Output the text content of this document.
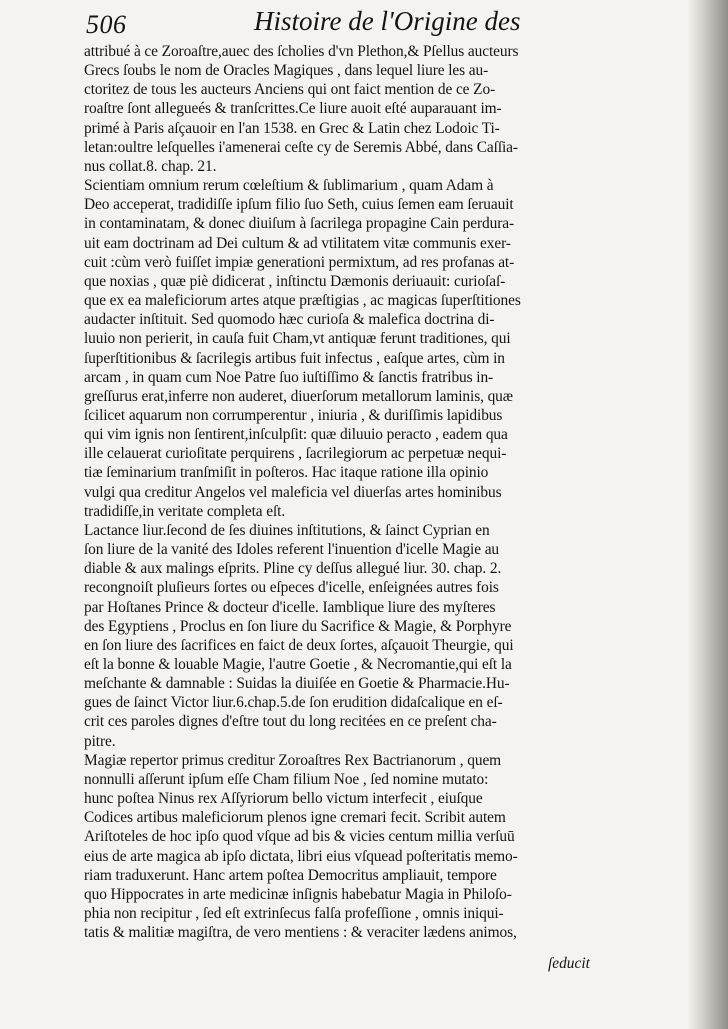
506	Histoire de l'Origine des
attribué à ce Zoroaſtre,auec des ſcholies d'vn Plethon,& Pſellus aucteurs
Grecs ſoubs le nom de Oracles Magiques , dans lequel liure les au-
ctoritez de tous les aucteurs Anciens qui ont faict mention de ce Zo-
roaſtre ſont allegueés & tranſcrittes.Ce liure auoit eſté auparauant im-
primé à Paris aſçauoir en l'an 1538. en Grec & Latin chez Lodoic Ti-
letan:oultre leſquelles i'amenerai ceſte cy de Seremis Abbé, dans Caſſia-
nus collat.8. chap. 21.
Scientiam omnium rerum cœleſtium & ſublimarium , quam Adam à
Deo acceperat, tradidiſſe ipſum filio ſuo Seth, cuius ſemen eam ſeruauit
in contaminatam, & donec diuiſum à ſacrilega propagine Cain perdura-
uit eam doctrinam ad Dei cultum & ad vtilitatem vitæ communis exer-
cuit :cùm verò fuiſſet impiæ generationi permixtum, ad res profanas at-
que noxias , quæ piè didicerat , inſtinctu Dæmonis deriuauit: curioſaſ-
que ex ea maleficiorum artes atque præſtigias , ac magicas ſuperſtitiones
audacter inſtituit. Sed quomodo hæc curioſa & malefica doctrina di-
luuio non perierit, in cauſa fuit Cham,vt antiquæ ferunt traditiones, qui
ſuperſtitionibus & ſacrilegis artibus fuit infectus , eaſque artes, cùm in
arcam , in quam cum Noe Patre ſuo iuſtiſſimo & ſanctis fratribus in-
greſſurus erat,inferre non auderet, diuerſorum metallorum laminis, quæ
ſcilicet aquarum non corrumperentur , iniuria , & duriſſimis lapidibus
qui vim ignis non ſentirent,inſculpſit: quæ diluuio peracto , eadem qua
ille celauerat curioſitate perquirens , ſacrilegiorum ac perpetuæ nequi-
tiæ ſeminarium tranſmiſit in poſteros. Hac itaque ratione illa opinio
vulgi qua creditur Angelos vel maleficia vel diuerſas artes hominibus
tradidiſſe,in veritate completa eſt.
Lactance liur.ſecond de ſes diuines inſtitutions, & ſainct Cyprian en
ſon liure de la vanité des Idoles referent l'inuention d'icelle Magie au
diable & aux malings eſprits. Pline cy deſſus allegué liur. 30. chap. 2.
recongnoiſt pluſieurs ſortes ou eſpeces d'icelle, enſeignées autres fois
par Hoſtanes Prince & docteur d'icelle. Iamblique liure des myſteres
des Egyptiens , Proclus en ſon liure du Sacrifice & Magie, & Porphyre
en ſon liure des ſacrifices en faict de deux ſortes, aſçauoit Theurgie, qui
eſt la bonne & louable Magie, l'autre Goetie , & Necromantie,qui eſt la
meſchante & damnable : Suidas la diuiſée en Goetie & Pharmacie.Hu-
gues de ſainct Victor liur.6.chap.5.de ſon erudition didaſcalique en eſ-
crit ces paroles dignes d'eſtre tout du long recitées en ce preſent cha-
pitre.
Magiæ repertor primus creditur Zoroaſtres Rex Bactrianorum , quem
nonnulli aſſerunt ipſum eſſe Cham filium Noe , ſed nomine mutato:
hunc poſtea Ninus rex Aſſyriorum bello victum interfecit , eiuſque
Codices artibus maleficiorum plenos igne cremari fecit. Scribit autem
Ariſtoteles de hoc ipſo quod vſque ad bis & vicies centum millia verſuū
eius de arte magica ab ipſo dictata, libri eius vſquead poſteritatis memo-
riam traduxerunt. Hanc artem poſtea Democritus ampliauit, tempore
quo Hippocrates in arte medicinæ inſignis habebatur Magia in Philoſo-
phia non recipitur , ſed eſt extrinſecus falſa profeſſione , omnis iniqui-
tatis & malitiæ magiſtra, de vero mentiens : & veraciter lædens animos,
ſeducit
